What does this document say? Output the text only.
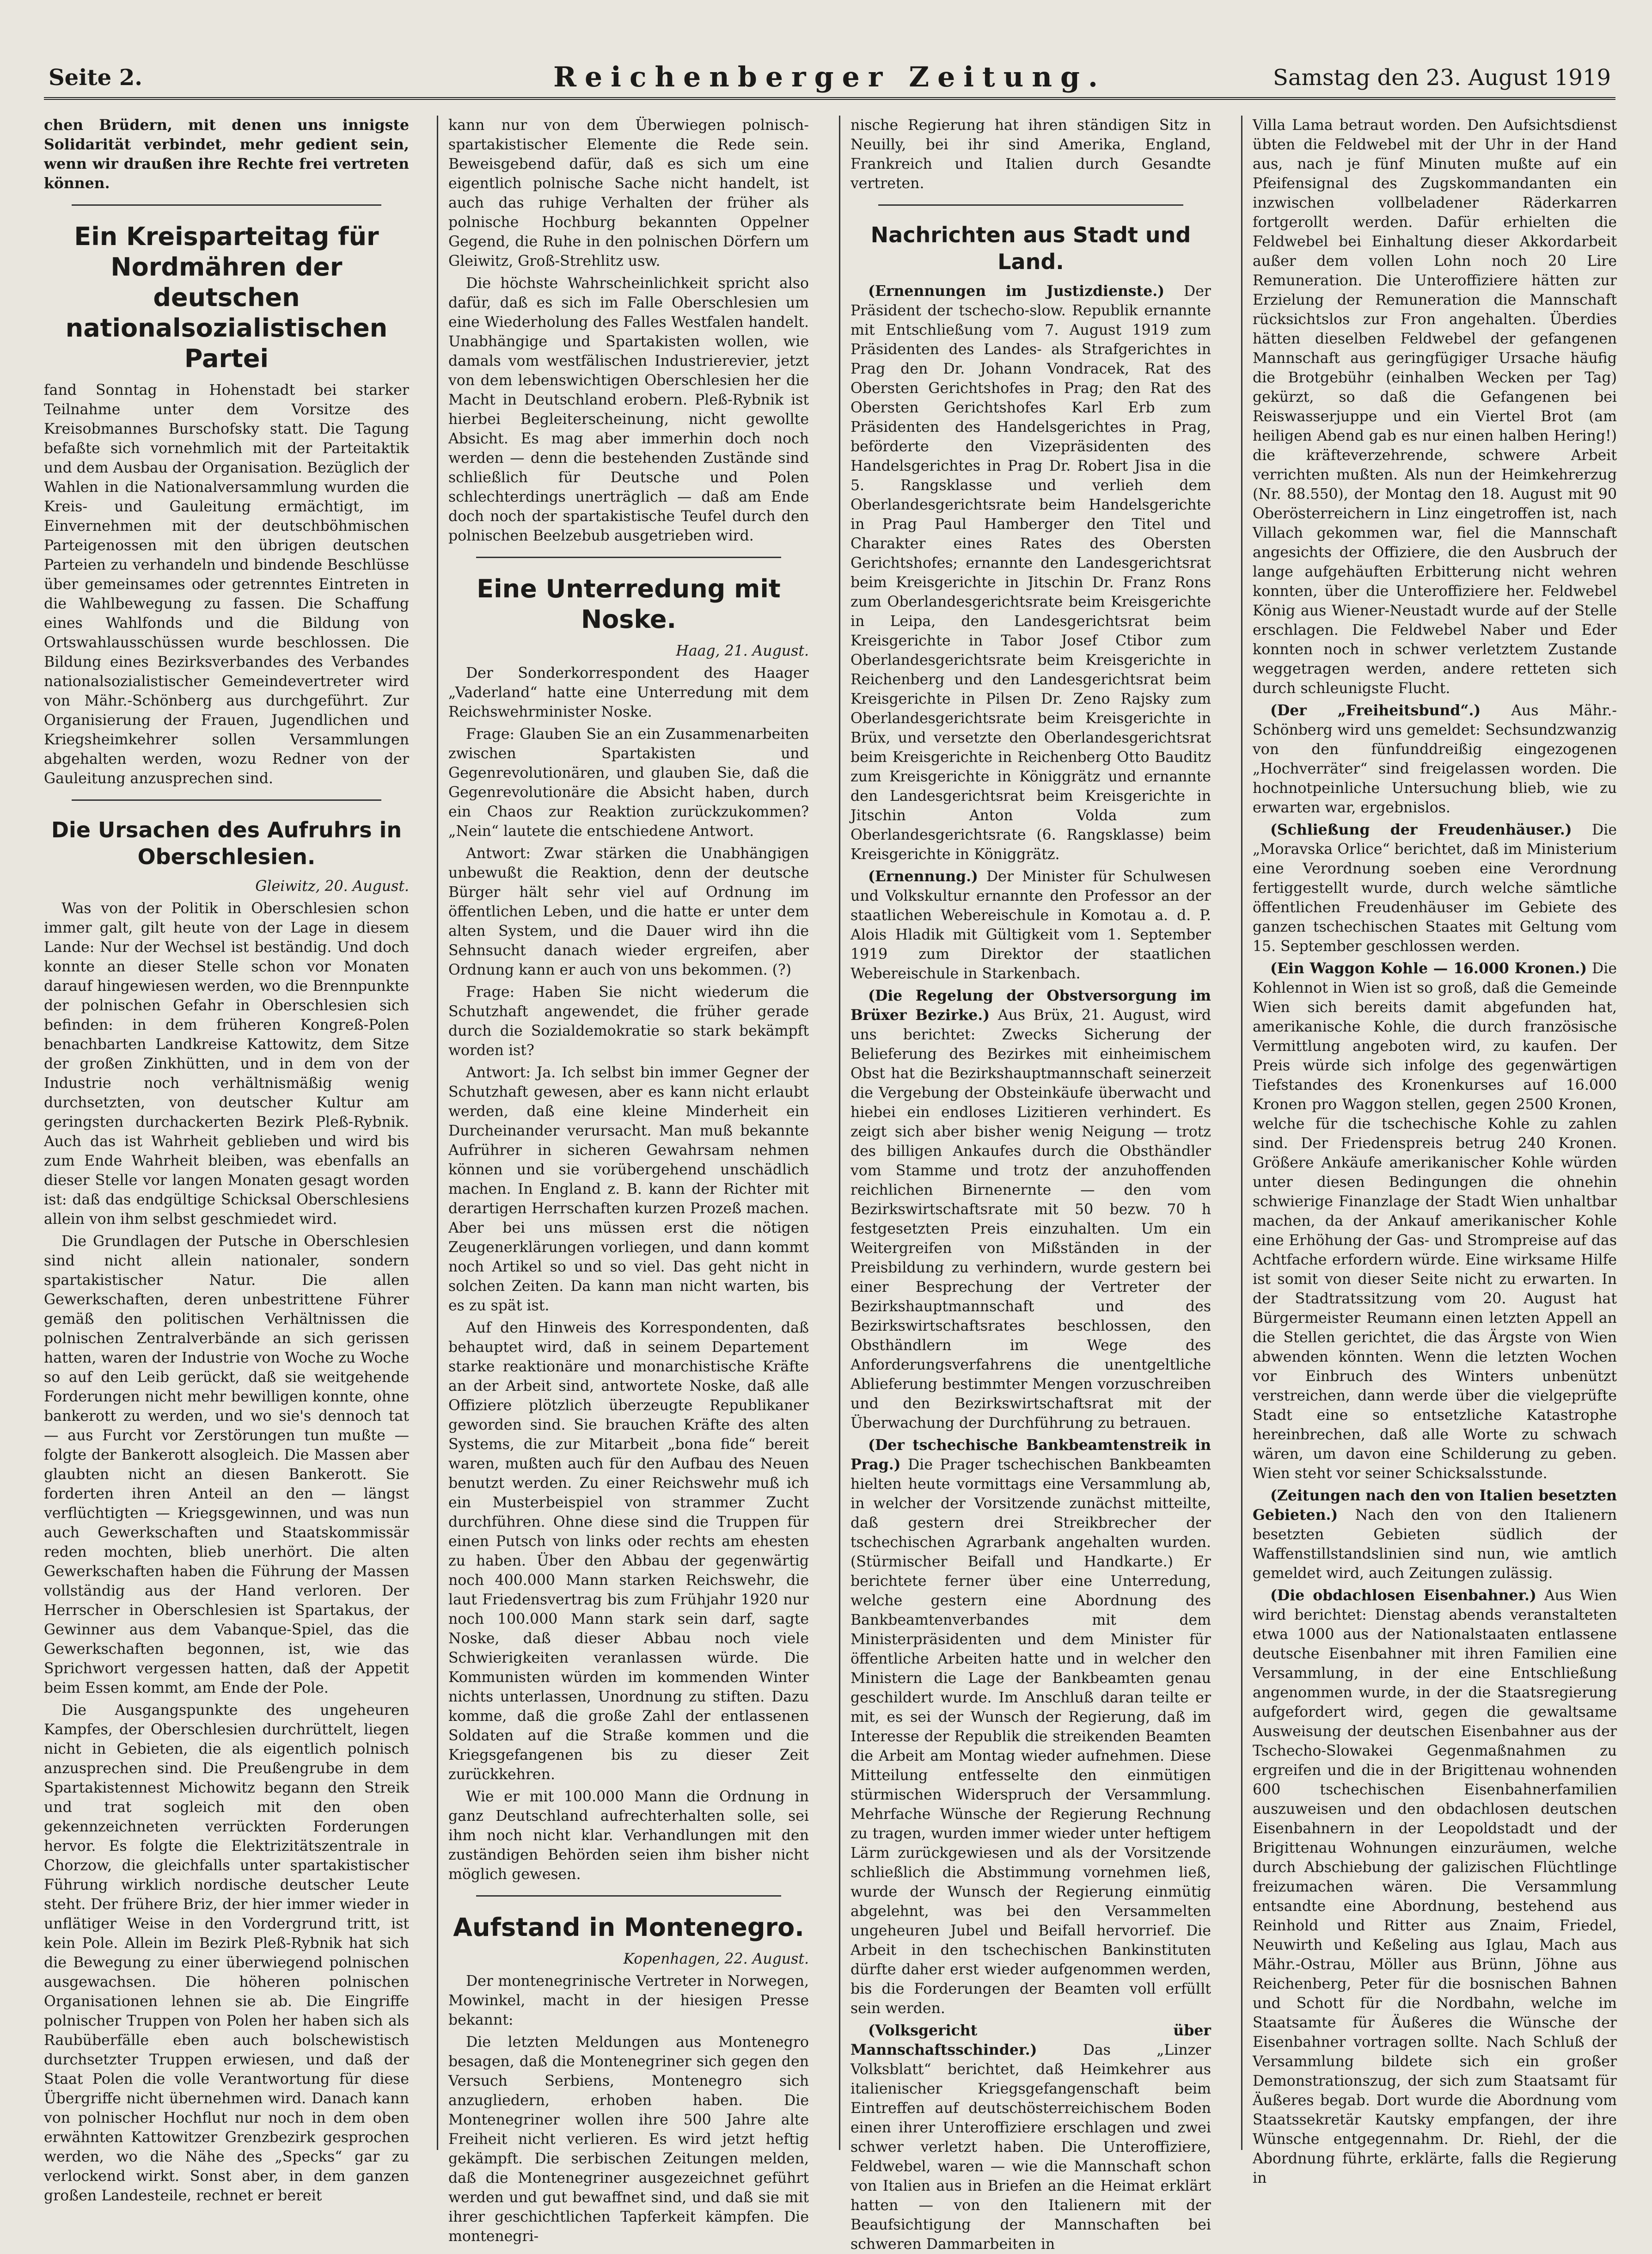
Seite 2.	Reichenberger Zeitung.	Samstag den 23. August 1919

chen Brüdern, mit denen uns innigste Solidarität verbindet, mehr gedient sein, wenn wir draußen ihre Rechte frei vertreten können.

Ein Kreisparteitag für Nordmähren der deutschen nationalsozialistischen Partei

fand Sonntag in Hohenstadt bei starker Teilnahme unter dem Vorsitze des Kreisobmannes Burschofsky statt. Die Tagung befaßte sich vornehmlich mit der Parteitaktik und dem Ausbau der Organisation. Bezüglich der Wahlen in die Nationalversammlung wurden die Kreis- und Gauleitung ermächtigt, im Einvernehmen mit der deutschböhmischen Parteigenossen mit den übrigen deutschen Parteien zu verhandeln und bindende Beschlüsse über gemeinsames oder getrenntes Eintreten in die Wahlbewegung zu fassen. Die Schaffung eines Wahlfonds und die Bildung von Ortswahlausschüssen wurde beschlossen. Die Bildung eines Bezirksverbandes des Verbandes nationalsozialistischer Gemeindevertreter wird von Mähr.-Schönberg aus durchgeführt. Zur Organisierung der Frauen, Jugendlichen und Kriegsheimkehrer sollen Versammlungen abgehalten werden, wozu Redner von der Gauleitung anzusprechen sind.

Die Ursachen des Aufruhrs in Oberschlesien.

Gleiwitz, 20. August.

Was von der Politik in Oberschlesien schon immer galt, gilt heute von der Lage in diesem Lande: Nur der Wechsel ist beständig. Und doch konnte an dieser Stelle schon vor Monaten darauf hingewiesen werden, wo die Brennpunkte der polnischen Gefahr in Oberschlesien sich befinden: in dem früheren Kongreß-Polen benachbarten Landkreise Kattowitz, dem Sitze der großen Zinkhütten, und in dem von der Industrie noch verhältnismäßig wenig durchsetzten, von deutscher Kultur am geringsten durchackerten Bezirk Pleß-Rybnik. Auch das ist Wahrheit geblieben und wird bis zum Ende Wahrheit bleiben, was ebenfalls an dieser Stelle vor langen Monaten gesagt worden ist: daß das endgültige Schicksal Oberschlesiens allein von ihm selbst geschmiedet wird.

Die Grundlagen der Putsche in Oberschlesien sind nicht allein nationaler, sondern spartakistischer Natur. Die allen Gewerkschaften, deren unbestrittene Führer gemäß den politischen Verhältnissen die polnischen Zentralverbände an sich gerissen hatten, waren der Industrie von Woche zu Woche so auf den Leib gerückt, daß sie weitgehende Forderungen nicht mehr bewilligen konnte, ohne bankerott zu werden, und wo sie's dennoch tat — aus Furcht vor Zerstörungen tun mußte — folgte der Bankerott alsogleich. Die Massen aber glaubten nicht an diesen Bankerott. Sie forderten ihren Anteil an den — längst verflüchtigten — Kriegsgewinnen, und was nun auch Gewerkschaften und Staatskommissär reden mochten, blieb unerhört. Die alten Gewerkschaften haben die Führung der Massen vollständig aus der Hand verloren. Der Herrscher in Oberschlesien ist Spartakus, der Gewinner aus dem Vabanque-Spiel, das die Gewerkschaften begonnen, ist, wie das Sprichwort vergessen hatten, daß der Appetit beim Essen kommt, am Ende der Pole.

Die Ausgangspunkte des ungeheuren Kampfes, der Oberschlesien durchrüttelt, liegen nicht in Gebieten, die als eigentlich polnisch anzusprechen sind. Die Preußengrube in dem Spartakistennest Michowitz begann den Streik und trat sogleich mit den oben gekennzeichneten verrückten Forderungen hervor. Es folgte die Elektrizitätszentrale in Chorzow, die gleichfalls unter spartakistischer Führung wirklich nordische deutscher Leute steht. Der frühere Briz, der hier immer wieder in unflätiger Weise in den Vordergrund tritt, ist kein Pole. Allein im Bezirk Pleß-Rybnik hat sich die Bewegung zu einer überwiegend polnischen ausgewachsen. Die höheren polnischen Organisationen lehnen sie ab. Die Eingriffe polnischer Truppen von Polen her haben sich als Raubüberfälle eben auch bolschewistisch durchsetzter Truppen erwiesen, und daß der Staat Polen die volle Verantwortung für diese Übergriffe nicht übernehmen wird. Danach kann von polnischer Hochflut nur noch in dem oben erwähnten Kattowitzer Grenzbezirk gesprochen werden, wo die Nähe des „Specks“ gar zu verlockend wirkt. Sonst aber, in dem ganzen großen Landesteile, rechnet er bereit

kann nur von dem Überwiegen polnisch-spartakistischer Elemente die Rede sein. Beweisgebend dafür, daß es sich um eine eigentlich polnische Sache nicht handelt, ist auch das ruhige Verhalten der früher als polnische Hochburg bekannten Oppelner Gegend, die Ruhe in den polnischen Dörfern um Gleiwitz, Groß-Strehlitz usw.

Die höchste Wahrscheinlichkeit spricht also dafür, daß es sich im Falle Oberschlesien um eine Wiederholung des Falles Westfalen handelt. Unabhängige und Spartakisten wollen, wie damals vom westfälischen Industrierevier, jetzt von dem lebenswichtigen Oberschlesien her die Macht in Deutschland erobern. Pleß-Rybnik ist hierbei Begleiterscheinung, nicht gewollte Absicht. Es mag aber immerhin doch noch werden — denn die bestehenden Zustände sind schließlich für Deutsche und Polen schlechterdings unerträglich — daß am Ende doch noch der spartakistische Teufel durch den polnischen Beelzebub ausgetrieben wird.

Eine Unterredung mit Noske.

Haag, 21. August.

Der Sonderkorrespondent des Haager „Vaderland“ hatte eine Unterredung mit dem Reichswehrminister Noske.

Frage: Glauben Sie an ein Zusammenarbeiten zwischen Spartakisten und Gegenrevolutionären, und glauben Sie, daß die Gegenrevolutionäre die Absicht haben, durch ein Chaos zur Reaktion zurückzukommen? „Nein“ lautete die entschiedene Antwort.

Antwort: Zwar stärken die Unabhängigen unbewußt die Reaktion, denn der deutsche Bürger hält sehr viel auf Ordnung im öffentlichen Leben, und die hatte er unter dem alten System, und die Dauer wird ihn die Sehnsucht danach wieder ergreifen, aber Ordnung kann er auch von uns bekommen. (?)

Frage: Haben Sie nicht wiederum die Schutzhaft angewendet, die früher gerade durch die Sozialdemokratie so stark bekämpft worden ist?

Antwort: Ja. Ich selbst bin immer Gegner der Schutzhaft gewesen, aber es kann nicht erlaubt werden, daß eine kleine Minderheit ein Durcheinander verursacht. Man muß bekannte Aufrührer in sicheren Gewahrsam nehmen können und sie vorübergehend unschädlich machen. In England z. B. kann der Richter mit derartigen Herrschaften kurzen Prozeß machen. Aber bei uns müssen erst die nötigen Zeugenerklärungen vorliegen, und dann kommt noch Artikel so und so viel. Das geht nicht in solchen Zeiten. Da kann man nicht warten, bis es zu spät ist.

Auf den Hinweis des Korrespondenten, daß behauptet wird, daß in seinem Departement starke reaktionäre und monarchistische Kräfte an der Arbeit sind, antwortete Noske, daß alle Offiziere plötzlich überzeugte Republikaner geworden sind. Sie brauchen Kräfte des alten Systems, die zur Mitarbeit „bona fide“ bereit waren, mußten auch für den Aufbau des Neuen benutzt werden. Zu einer Reichswehr muß ich ein Musterbeispiel von strammer Zucht durchführen. Ohne diese sind die Truppen für einen Putsch von links oder rechts am ehesten zu haben. Über den Abbau der gegenwärtig noch 400.000 Mann starken Reichswehr, die laut Friedensvertrag bis zum Frühjahr 1920 nur noch 100.000 Mann stark sein darf, sagte Noske, daß dieser Abbau noch viele Schwierigkeiten veranlassen würde. Die Kommunisten würden im kommenden Winter nichts unterlassen, Unordnung zu stiften. Dazu komme, daß die große Zahl der entlassenen Soldaten auf die Straße kommen und die Kriegsgefangenen bis zu dieser Zeit zurückkehren.

Wie er mit 100.000 Mann die Ordnung in ganz Deutschland aufrechterhalten solle, sei ihm noch nicht klar. Verhandlungen mit den zuständigen Behörden seien ihm bisher nicht möglich gewesen.

Aufstand in Montenegro.

Kopenhagen, 22. August.

Der montenegrinische Vertreter in Norwegen, Mowinkel, macht in der hiesigen Presse bekannt:

Die letzten Meldungen aus Montenegro besagen, daß die Montenegriner sich gegen den Versuch Serbiens, Montenegro sich anzugliedern, erhoben haben. Die Montenegriner wollen ihre 500 Jahre alte Freiheit nicht verlieren. Es wird jetzt heftig gekämpft. Die serbischen Zeitungen melden, daß die Montenegriner ausgezeichnet geführt werden und gut bewaffnet sind, und daß sie mit ihrer geschichtlichen Tapferkeit kämpfen. Die montenegri-

nische Regierung hat ihren ständigen Sitz in Neuilly, bei ihr sind Amerika, England, Frankreich und Italien durch Gesandte vertreten.

Nachrichten aus Stadt und Land.

(Ernennungen im Justizdienste.) Der Präsident der tschecho-slow. Republik ernannte mit Entschließung vom 7. August 1919 zum Präsidenten des Landes- als Strafgerichtes in Prag den Dr. Johann Vondracek, Rat des Obersten Gerichtshofes in Prag; den Rat des Obersten Gerichtshofes Karl Erb zum Präsidenten des Handelsgerichtes in Prag, beförderte den Vizepräsidenten des Handelsgerichtes in Prag Dr. Robert Jisa in die 5. Rangsklasse und verlieh dem Oberlandesgerichtsrate beim Handelsgerichte in Prag Paul Hamberger den Titel und Charakter eines Rates des Obersten Gerichtshofes; ernannte den Landesgerichtsrat beim Kreisgerichte in Jitschin Dr. Franz Rons zum Oberlandesgerichtsrate beim Kreisgerichte in Leipa, den Landesgerichtsrat beim Kreisgerichte in Tabor Josef Ctibor zum Oberlandesgerichtsrate beim Kreisgerichte in Reichenberg und den Landesgerichtsrat beim Kreisgerichte in Pilsen Dr. Zeno Rajsky zum Oberlandesgerichtsrate beim Kreisgerichte in Brüx, und versetzte den Oberlandesgerichtsrat beim Kreisgerichte in Reichenberg Otto Bauditz zum Kreisgerichte in Königgrätz und ernannte den Landesgerichtsrat beim Kreisgerichte in Jitschin Anton Volda zum Oberlandesgerichtsrate (6. Rangsklasse) beim Kreisgerichte in Königgrätz.

(Ernennung.) Der Minister für Schulwesen und Volkskultur ernannte den Professor an der staatlichen Webereischule in Komotau a. d. P. Alois Hladik mit Gültigkeit vom 1. September 1919 zum Direktor der staatlichen Webereischule in Starkenbach.

(Die Regelung der Obstversorgung im Brüxer Bezirke.) Aus Brüx, 21. August, wird uns berichtet: Zwecks Sicherung der Belieferung des Bezirkes mit einheimischem Obst hat die Bezirkshauptmannschaft seinerzeit die Vergebung der Obsteinkäufe überwacht und hiebei ein endloses Lizitieren verhindert. Es zeigt sich aber bisher wenig Neigung — trotz des billigen Ankaufes durch die Obsthändler vom Stamme und trotz der anzuhoffenden reichlichen Birnenernte — den vom Bezirkswirtschaftsrate mit 50 bezw. 70 h festgesetzten Preis einzuhalten. Um ein Weitergreifen von Mißständen in der Preisbildung zu verhindern, wurde gestern bei einer Besprechung der Vertreter der Bezirkshauptmannschaft und des Bezirkswirtschaftsrates beschlossen, den Obsthändlern im Wege des Anforderungsverfahrens die unentgeltliche Ablieferung bestimmter Mengen vorzuschreiben und den Bezirkswirtschaftsrat mit der Überwachung der Durchführung zu betrauen.

(Der tschechische Bankbeamtenstreik in Prag.) Die Prager tschechischen Bankbeamten hielten heute vormittags eine Versammlung ab, in welcher der Vorsitzende zunächst mitteilte, daß gestern drei Streikbrecher der tschechischen Agrarbank angehalten wurden. (Stürmischer Beifall und Handkarte.) Er berichtete ferner über eine Unterredung, welche gestern eine Abordnung des Bankbeamtenverbandes mit dem Ministerpräsidenten und dem Minister für öffentliche Arbeiten hatte und in welcher den Ministern die Lage der Bankbeamten genau geschildert wurde. Im Anschluß daran teilte er mit, es sei der Wunsch der Regierung, daß im Interesse der Republik die streikenden Beamten die Arbeit am Montag wieder aufnehmen. Diese Mitteilung entfesselte den einmütigen stürmischen Widerspruch der Versammlung. Mehrfache Wünsche der Regierung Rechnung zu tragen, wurden immer wieder unter heftigem Lärm zurückgewiesen und als der Vorsitzende schließlich die Abstimmung vornehmen ließ, wurde der Wunsch der Regierung einmütig abgelehnt, was bei den Versammelten ungeheuren Jubel und Beifall hervorrief. Die Arbeit in den tschechischen Bankinstituten dürfte daher erst wieder aufgenommen werden, bis die Forderungen der Beamten voll erfüllt sein werden.

(Volksgericht über Mannschaftsschinder.)	Das „Linzer Volksblatt“ berichtet, daß Heimkehrer aus italienischer Kriegsgefangenschaft beim Eintreffen auf deutschösterreichischem Boden einen ihrer Unteroffiziere erschlagen und zwei schwer verletzt haben. Die Unteroffiziere, Feldwebel, waren — wie die Mannschaft schon von Italien aus in Briefen an die Heimat erklärt hatten — von den Italienern mit der Beaufsichtigung der Mannschaften bei schweren Dammarbeiten in

Villa Lama betraut worden. Den Aufsichtsdienst übten die Feldwebel mit der Uhr in der Hand aus, nach je fünf Minuten mußte auf ein Pfeifensignal des Zugskommandanten ein inzwischen vollbeladener Räderkarren fortgerollt werden. Dafür erhielten die Feldwebel bei Einhaltung dieser Akkordarbeit außer dem vollen Lohn noch 20 Lire Remuneration. Die Unteroffiziere hätten zur Erzielung der Remuneration die Mannschaft rücksichtslos zur Fron angehalten. Überdies hätten dieselben Feldwebel der gefangenen Mannschaft aus geringfügiger Ursache häufig die Brotgebühr (einhalben Wecken per Tag) gekürzt, so daß die Gefangenen bei Reiswasserjuppe und ein Viertel Brot (am heiligen Abend gab es nur einen halben Hering!) die kräfteverzehrende, schwere Arbeit verrichten mußten. Als nun der Heimkehrerzug (Nr. 88.550), der Montag den 18. August mit 90 Oberösterreichern in Linz eingetroffen ist, nach Villach gekommen war, fiel die Mannschaft angesichts der Offiziere, die den Ausbruch der lange aufgehäuften Erbitterung nicht wehren konnten, über die Unteroffiziere her. Feldwebel König aus Wiener-Neustadt wurde auf der Stelle erschlagen. Die Feldwebel Naber und Eder konnten noch in schwer verletztem Zustande weggetragen werden, andere retteten sich durch schleunigste Flucht.

(Der „Freiheitsbund“.) Aus Mähr.-Schönberg wird uns gemeldet: Sechsundzwanzig von den fünfunddreißig eingezogenen „Hochverräter“ sind freigelassen worden. Die hochnotpeinliche Untersuchung blieb, wie zu erwarten war, ergebnislos.

(Schließung der Freudenhäuser.) Die „Moravska Orlice“ berichtet, daß im Ministerium eine Verordnung soeben eine Verordnung fertiggestellt wurde, durch welche sämtliche öffentlichen Freudenhäuser im Gebiete des ganzen tschechischen Staates mit Geltung vom 15. September geschlossen werden.

(Ein Waggon Kohle — 16.000 Kronen.) Die Kohlennot in Wien ist so groß, daß die Gemeinde Wien sich bereits damit abgefunden hat, amerikanische Kohle, die durch französische Vermittlung angeboten wird, zu kaufen. Der Preis würde sich infolge des gegenwärtigen Tiefstandes des Kronenkurses auf 16.000 Kronen pro Waggon stellen, gegen 2500 Kronen, welche für die tschechische Kohle zu zahlen sind. Der Friedenspreis betrug 240 Kronen. Größere Ankäufe amerikanischer Kohle würden unter diesen Bedingungen die ohnehin schwierige Finanzlage der Stadt Wien unhaltbar machen, da der Ankauf amerikanischer Kohle eine Erhöhung der Gas- und Strompreise auf das Achtfache erfordern würde. Eine wirksame Hilfe ist somit von dieser Seite nicht zu erwarten. In der Stadtratssitzung vom 20. August hat Bürgermeister Reumann einen letzten Appell an die Stellen gerichtet, die das Ärgste von Wien abwenden könnten. Wenn die letzten Wochen vor Einbruch des Winters unbenützt verstreichen, dann werde über die vielgeprüfte Stadt eine so entsetzliche Katastrophe hereinbrechen, daß alle Worte zu schwach wären, um davon eine Schilderung zu geben. Wien steht vor seiner Schicksalsstunde.

(Zeitungen nach den von Italien besetzten Gebieten.) Nach den von den Italienern besetzten Gebieten südlich der Waffenstillstandslinien sind nun, wie amtlich gemeldet wird, auch Zeitungen zulässig.

(Die obdachlosen Eisenbahner.) Aus Wien wird berichtet: Dienstag abends veranstalteten etwa 1000 aus der Nationalstaaten entlassene deutsche Eisenbahner mit ihren Familien eine Versammlung, in der eine Entschließung angenommen wurde, in der die Staatsregierung aufgefordert wird, gegen die gewaltsame Ausweisung der deutschen Eisenbahner aus der Tschecho-Slowakei Gegenmaßnahmen zu ergreifen und die in der Brigittenau wohnenden 600 tschechischen Eisenbahnerfamilien auszuweisen und den obdachlosen deutschen Eisenbahnern in der Leopoldstadt und der Brigittenau Wohnungen einzuräumen, welche durch Abschiebung der galizischen Flüchtlinge freizumachen wären. Die Versammlung entsandte eine Abordnung, bestehend aus Reinhold und Ritter aus Znaim, Friedel, Neuwirth und Keßeling aus Iglau, Mach aus Mähr.-Ostrau, Möller aus Brünn, Jöhne aus Reichenberg, Peter für die bosnischen Bahnen und Schott für die Nordbahn, welche im Staatsamte für Äußeres die Wünsche der Eisenbahner vortragen sollte. Nach Schluß der Versammlung bildete sich ein großer Demonstrationszug, der sich zum Staatsamt für Äußeres begab. Dort wurde die Abordnung vom Staatssekretär Kautsky empfangen, der ihre Wünsche entgegennahm. Dr. Riehl, der die Abordnung führte, erklärte, falls die Regierung in
